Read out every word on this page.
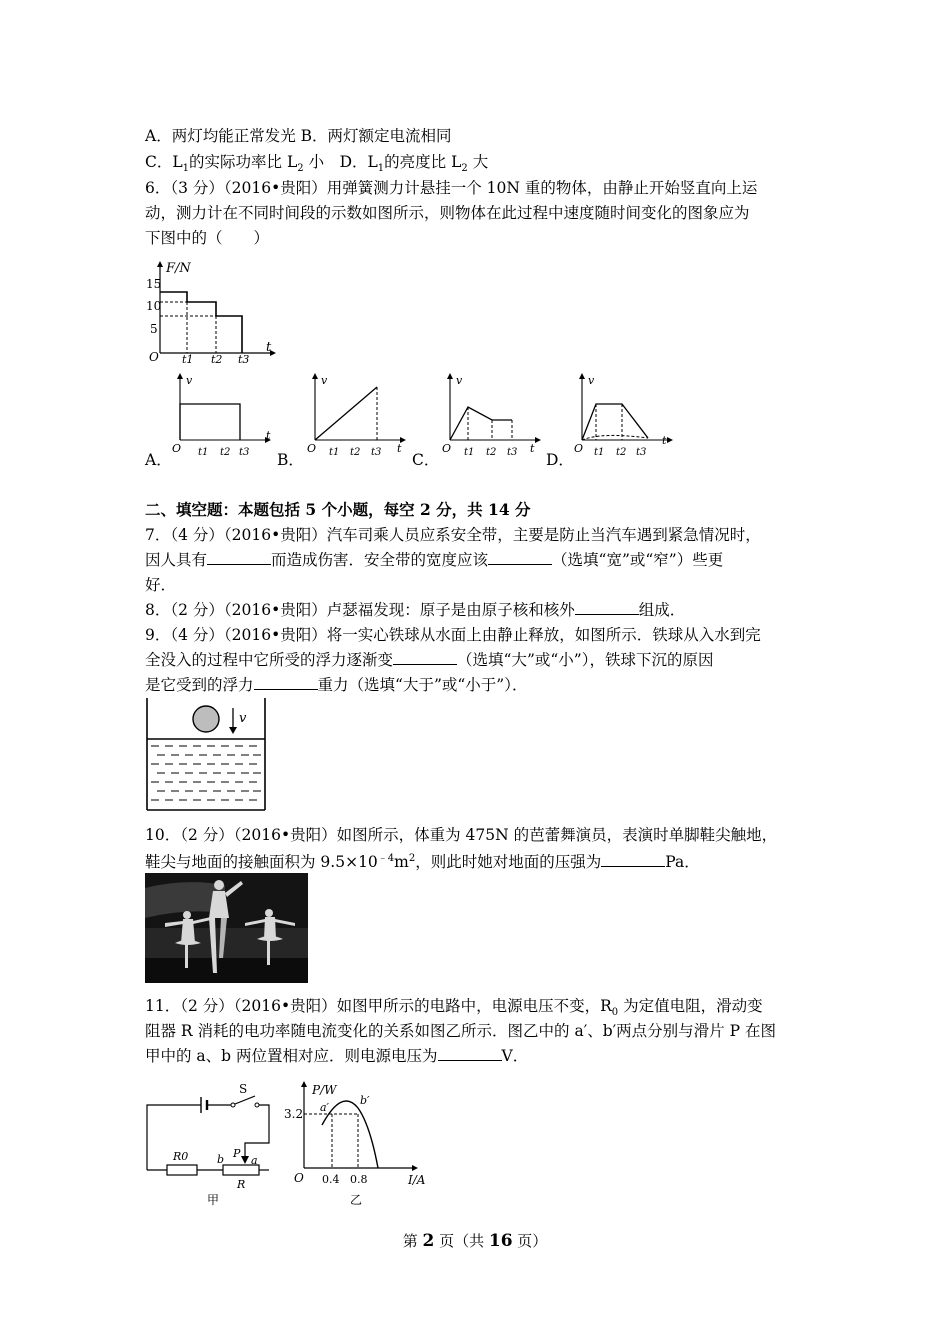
A．两灯均能正常发光 B．两灯额定电流相同
C．$L_1$的实际功率比 $L_2$ 小　D．$L_1$的亮度比 $L_2$ 大
6．（3 分）（2016•贵阳）用弹簧测力计悬挂一个 10N 重的物体，由静止开始竖直向上运
动，测力计在不同时间段的示数如图所示，则物体在此过程中速度随时间变化的图象应为
下图中的（　　）
F/N
t
O
15
10
5
t1 t2 t3
A．
v
t
O t1 t2 t3 B．
v
t
O t1 t2 t3 C．
v
t
O t1 t2 t3 D．
v
t
O t1 t2 t3
二、填空题：本题包括 5 个小题，每空 2 分，共 14 分
7．（4 分）（2016•贵阳）汽车司乘人员应系安全带，主要是防止当汽车遇到紧急情况时，
因人具有	而造成伤害．安全带的宽度应该	（选填“宽”或“窄”）些更
好．
8．（2 分）（2016•贵阳）卢瑟福发现：原子是由原子核和核外	组成．
9．（4 分）（2016•贵阳）将一实心铁球从水面上由静止释放，如图所示．铁球从入水到完
全没入的过程中它所受的浮力逐渐变	（选填“大”或“小”），铁球下沉的原因
是它受到的浮力	重力（选填“大于”或“小于”）．
v
10．（2 分）（2016•贵阳）如图所示，体重为 475N 的芭蕾舞演员，表演时单脚鞋尖触地，
鞋尖与地面的接触面积为 $9.5\times 10^{﹣4}m^2$，则此时她对地面的压强为	Pa．
11．（2 分）（2016•贵阳）如图甲所示的电路中，电源电压不变，$R_0$ 为定值电阻，滑动变
阻器 R 消耗的电功率随电流变化的关系如图乙所示．图乙中的 a′、b′两点分别与滑片 P 在图
甲中的 a、b 两位置相对应．则电源电压为	V．
S
R0	b P
a
R
甲
P/W
I/A
O
3.2 a′
b′
0.4 0.8
乙
第 2 页（共 16 页）
